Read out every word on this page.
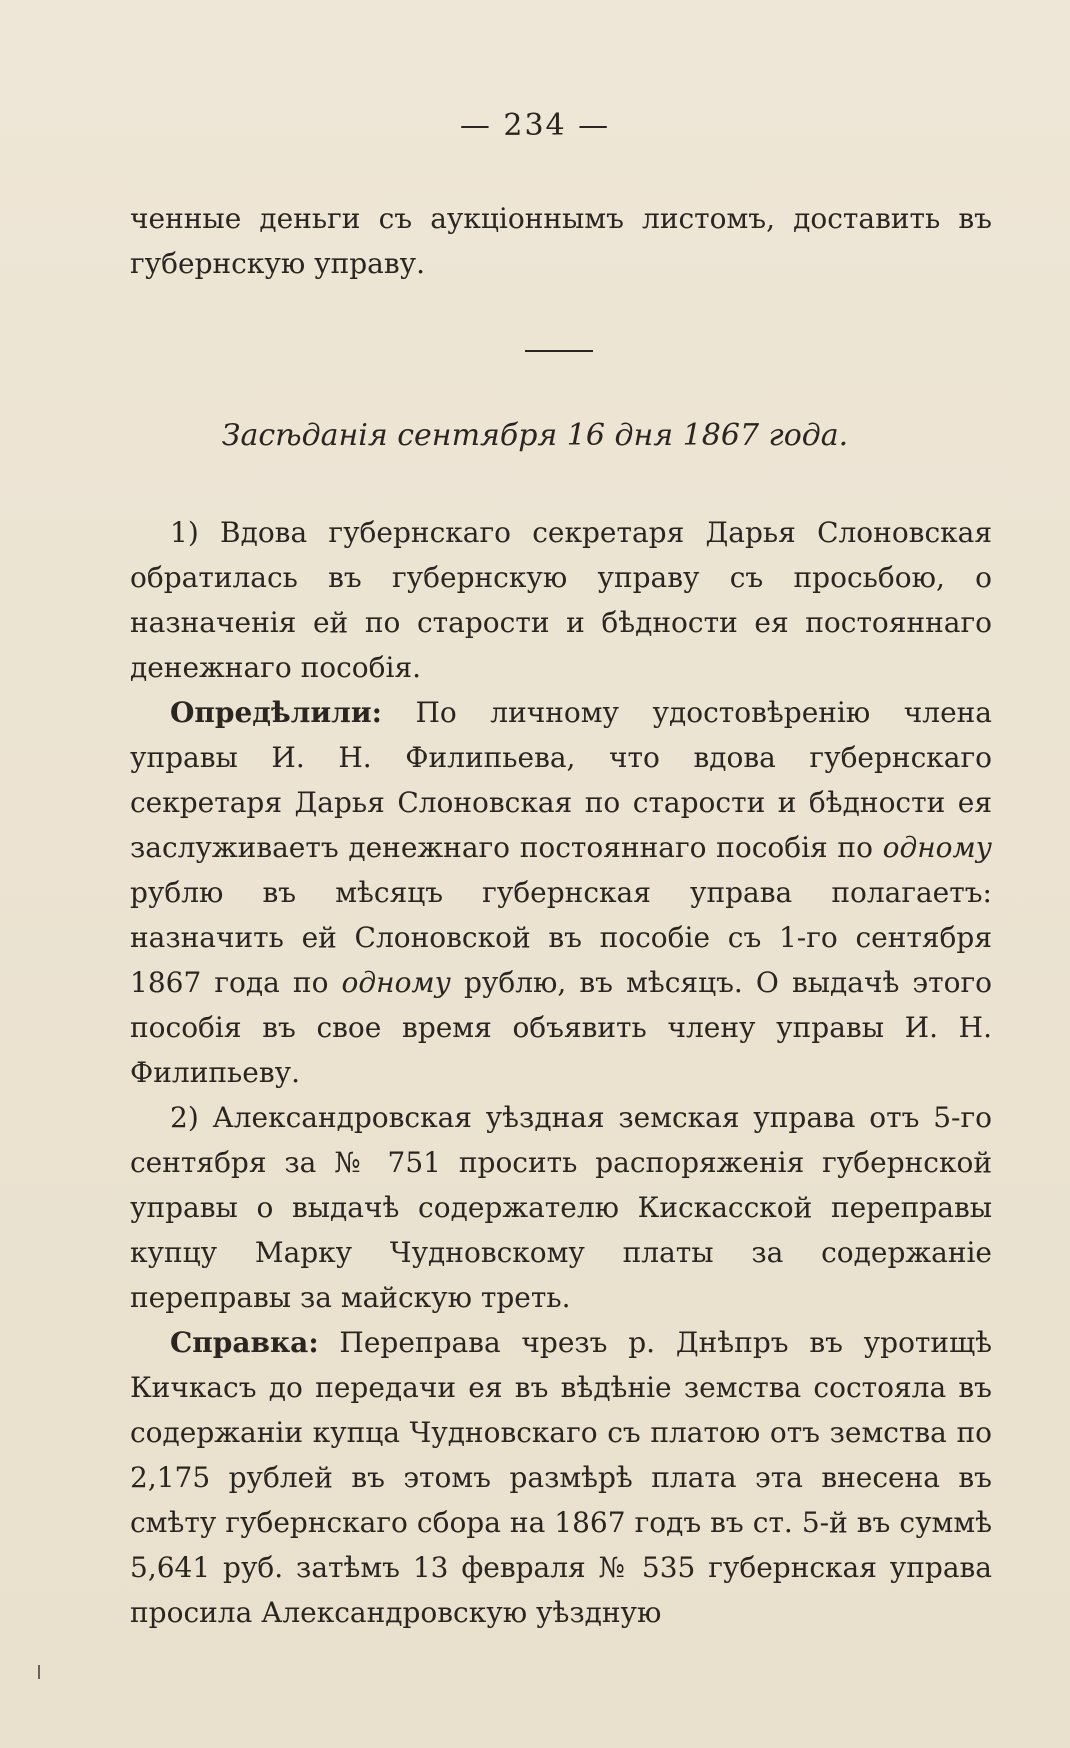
— 234 —

ченные деньги съ аукціоннымъ листомъ, доставить въ губернскую управу.

Засѣданія сентября 16 дня 1867 года.

1) Вдова губернскаго секретаря Дарья Слоновская обратилась въ губернскую управу съ просьбою, о назначенія ей по старости и бѣдности ея постояннаго денежнаго пособія.

Опредѣлили: По личному удостовѣренію члена управы И. Н. Филипьева, что вдова губернскаго секретаря Дарья Слоновская по старости и бѣдности ея заслуживаетъ денежнаго постояннаго пособія по одному рублю въ мѣсяцъ губернская управа полагаетъ: назначить ей Слоновской въ пособіе съ 1-го сентября 1867 года по одному рублю, въ мѣсяцъ. О выдачѣ этого пособія въ свое время объявить члену управы И. Н. Филипьеву.

2) Александровская уѣздная земская управа отъ 5-го сентября за № 751 просить распоряженія губернской управы о выдачѣ содержателю Кискасской переправы купцу Марку Чудновскому платы за содержаніе переправы за майскую треть.

Справка: Переправа чрезъ р. Днѣпръ въ уротищѣ Кичкасъ до передачи ея въ вѣдѣніе земства состояла въ содержаніи купца Чудновскаго съ платою отъ земства по 2,175 рублей въ этомъ размѣрѣ плата эта внесена въ смѣту губернскаго сбора на 1867 годъ въ ст. 5-й въ суммѣ 5,641 руб. затѣмъ 13 февраля № 535 губернская управа просила Александровскую уѣздную
